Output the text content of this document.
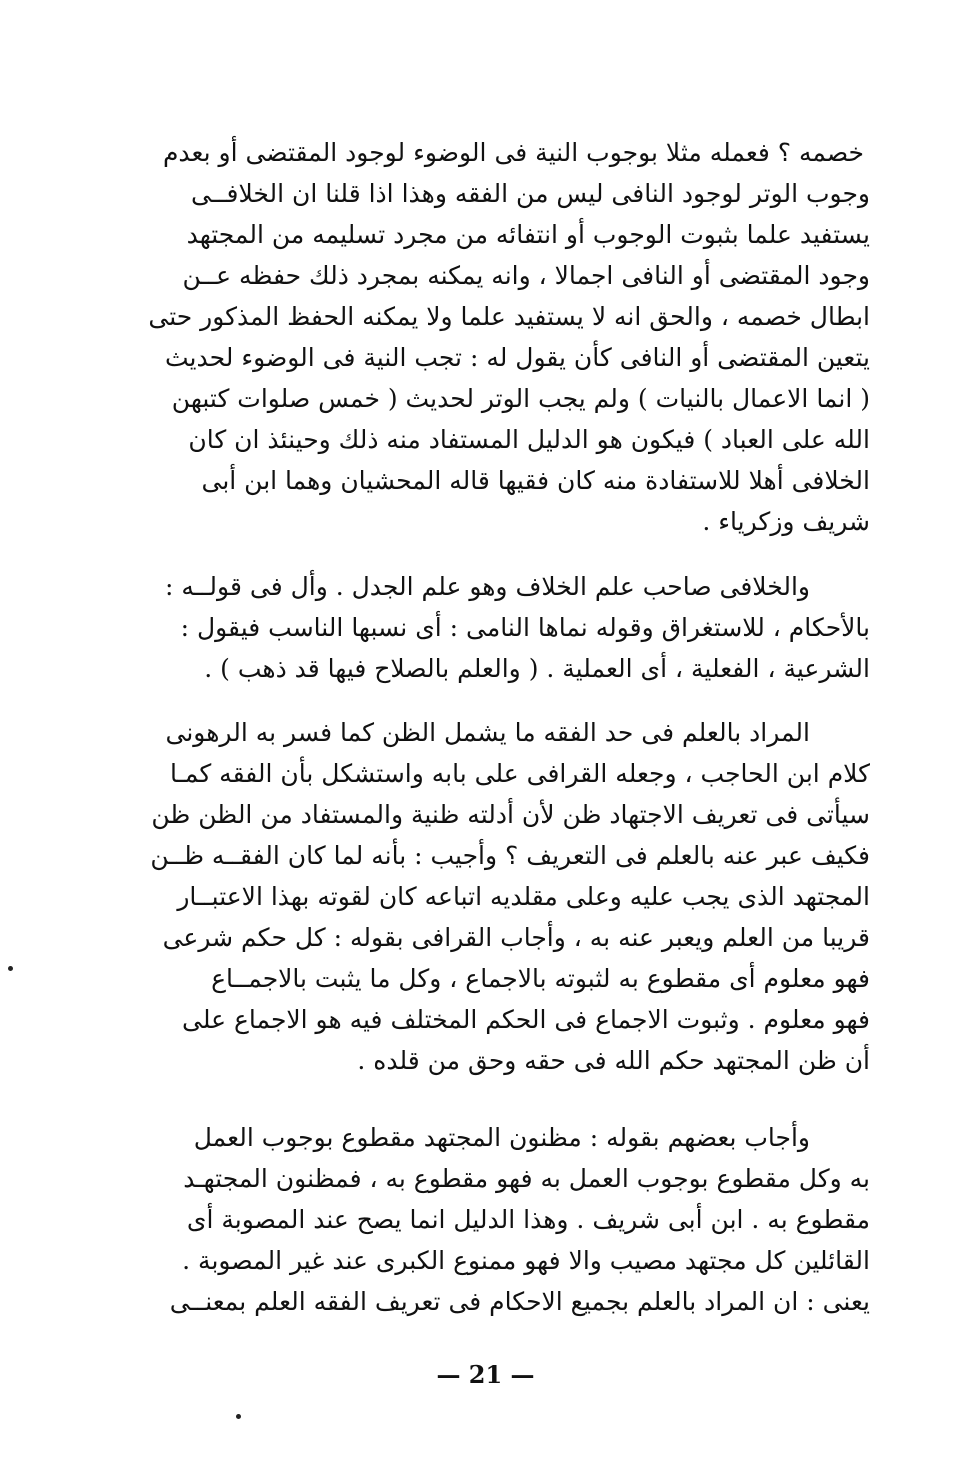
خصمه ؟ فعمله مثلا بوجوب النية فى الوضوء لوجود المقتضى أو بعدم
وجوب الوتر لوجود النافى ليس من الفقه وهذا اذا قلنا ان الخلافــى
يستفيد علما بثبوت الوجوب أو انتفائه من مجرد تسليمه من المجتهد
وجود المقتضى أو النافى اجمالا ، وانه يمكنه بمجرد ذلك حفظه عــن
ابطال خصمه ، والحق انه لا يستفيد علما ولا يمكنه الحفظ المذكور حتى
يتعين المقتضى أو النافى كأن يقول له : تجب النية فى الوضوء لحديث
( انما الاعمال بالنيات ) ولم يجب الوتر لحديث ( خمس صلوات كتبهن
الله على العباد ) فيكون هو الدليل المستفاد منه ذلك وحينئذ ان كان
الخلافى أهلا للاستفادة منه كان فقيها قاله المحشيان وهما ابن أبى
شريف وزكرياء .
والخلافى صاحب علم الخلاف وهو علم الجدل . وأل فى قولــه :
بالأحكام ، للاستغراق وقوله نماها النامى : أى نسبها الناسب فيقول :
الشرعية ، الفعلية ، أى العملية . ( والعلم بالصلاح فيها قد ذهب ) .
المراد بالعلم فى حد الفقه ما يشمل الظن كما فسر به الرهونى
كلام ابن الحاجب ، وجعله القرافى على بابه واستشكل بأن الفقه كمـا
سيأتى فى تعريف الاجتهاد ظن لأن أدلته ظنية والمستفاد من الظن ظن
فكيف عبر عنه بالعلم فى التعريف ؟ وأجيب : بأنه لما كان الفقــه ظــن
المجتهد الذى يجب عليه وعلى مقلديه اتباعه كان لقوته بهذا الاعتبــار
قريبا من العلم ويعبر عنه به ، وأجاب القرافى بقوله : كل حكم شرعى
فهو معلوم أى مقطوع به لثبوته بالاجماع ، وكل ما يثبت بالاجمــاع
فهو معلوم . وثبوت الاجماع فى الحكم المختلف فيه هو الاجماع على
أن ظن المجتهد حكم الله فى حقه وحق من قلده .
وأجاب بعضهم بقوله : مظنون المجتهد مقطوع بوجوب العمل
به وكل مقطوع بوجوب العمل به فهو مقطوع به ، فمظنون المجتهـد
مقطوع به . ابن أبى شريف . وهذا الدليل انما يصح عند المصوبة أى
القائلين كل مجتهد مصيب والا فهو ممنوع الكبرى عند غير المصوبة .
يعنى : ان المراد بالعلم بجميع الاحكام فى تعريف الفقه العلم بمعنــى
— 21 —
